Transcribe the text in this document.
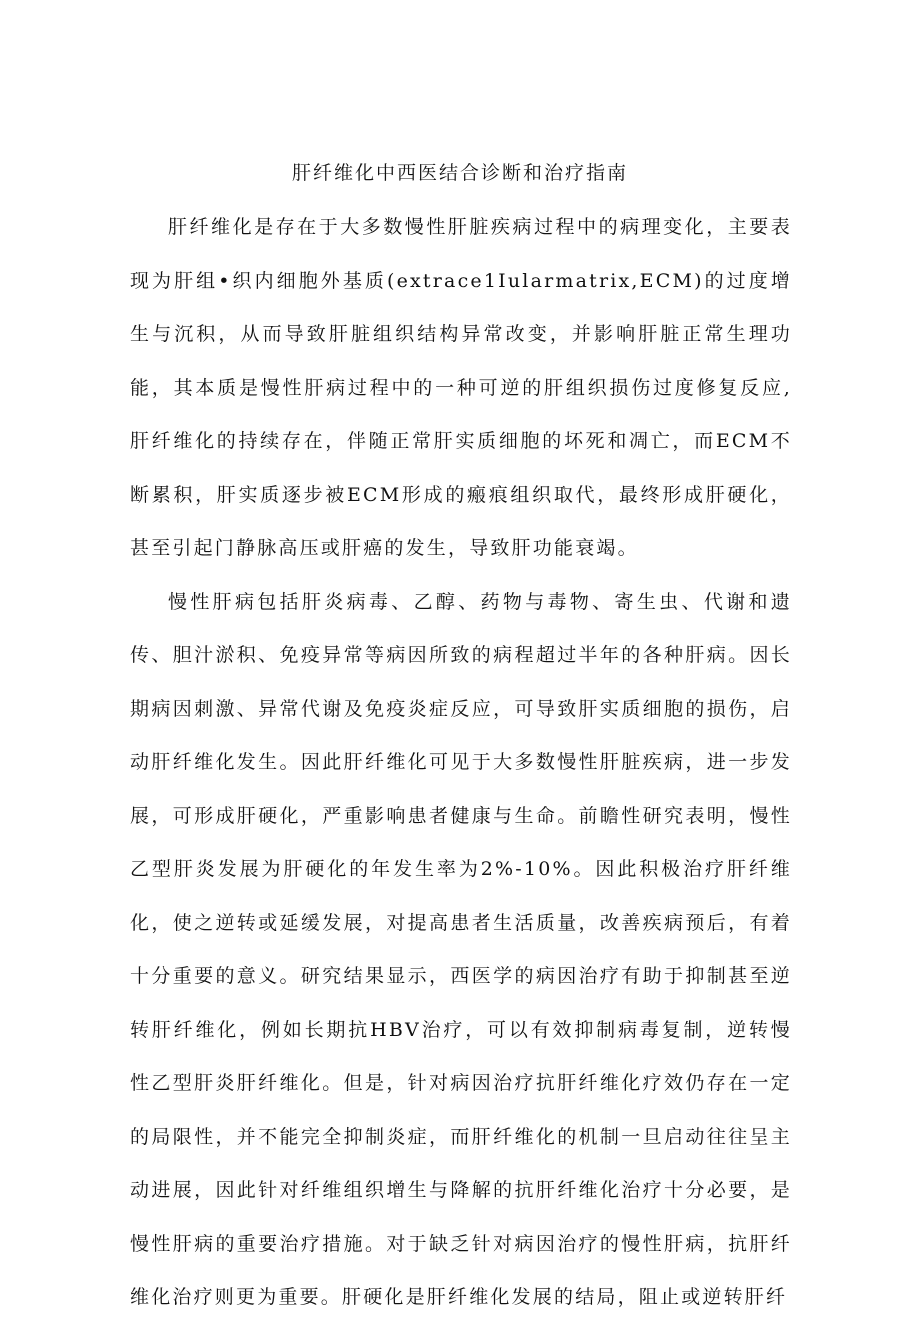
肝纤维化中西医结合诊断和治疗指南

肝纤维化是存在于大多数慢性肝脏疾病过程中的病理变化，主要表现为肝组•织内细胞外基质(extrace1Iularmatrix,ECM)的过度增生与沉积，从而导致肝脏组织结构异常改变，并影响肝脏正常生理功能，其本质是慢性肝病过程中的一种可逆的肝组织损伤过度修复反应,肝纤维化的持续存在，伴随正常肝实质细胞的坏死和凋亡，而ECM不断累积，肝实质逐步被ECM形成的瘢痕组织取代，最终形成肝硬化，甚至引起门静脉高压或肝癌的发生，导致肝功能衰竭。

慢性肝病包括肝炎病毒、乙醇、药物与毒物、寄生虫、代谢和遗传、胆汁淤积、免疫异常等病因所致的病程超过半年的各种肝病。因长期病因刺激、异常代谢及免疫炎症反应，可导致肝实质细胞的损伤，启动肝纤维化发生。因此肝纤维化可见于大多数慢性肝脏疾病，进一步发展，可形成肝硬化，严重影响患者健康与生命。前瞻性研究表明，慢性乙型肝炎发展为肝硬化的年发生率为2%-10%。因此积极治疗肝纤维化，使之逆转或延缓发展，对提高患者生活质量，改善疾病预后，有着十分重要的意义。研究结果显示，西医学的病因治疗有助于抑制甚至逆转肝纤维化，例如长期抗HBV治疗，可以有效抑制病毒复制，逆转慢性乙型肝炎肝纤维化。但是，针对病因治疗抗肝纤维化疗效仍存在一定的局限性，并不能完全抑制炎症，而肝纤维化的机制一旦启动往往呈主动进展，因此针对纤维组织增生与降解的抗肝纤维化治疗十分必要，是慢性肝病的重要治疗措施。对于缺乏针对病因治疗的慢性肝病，抗肝纤维化治疗则更为重要。肝硬化是肝纤维化发展的结局，阻止或逆转肝纤
